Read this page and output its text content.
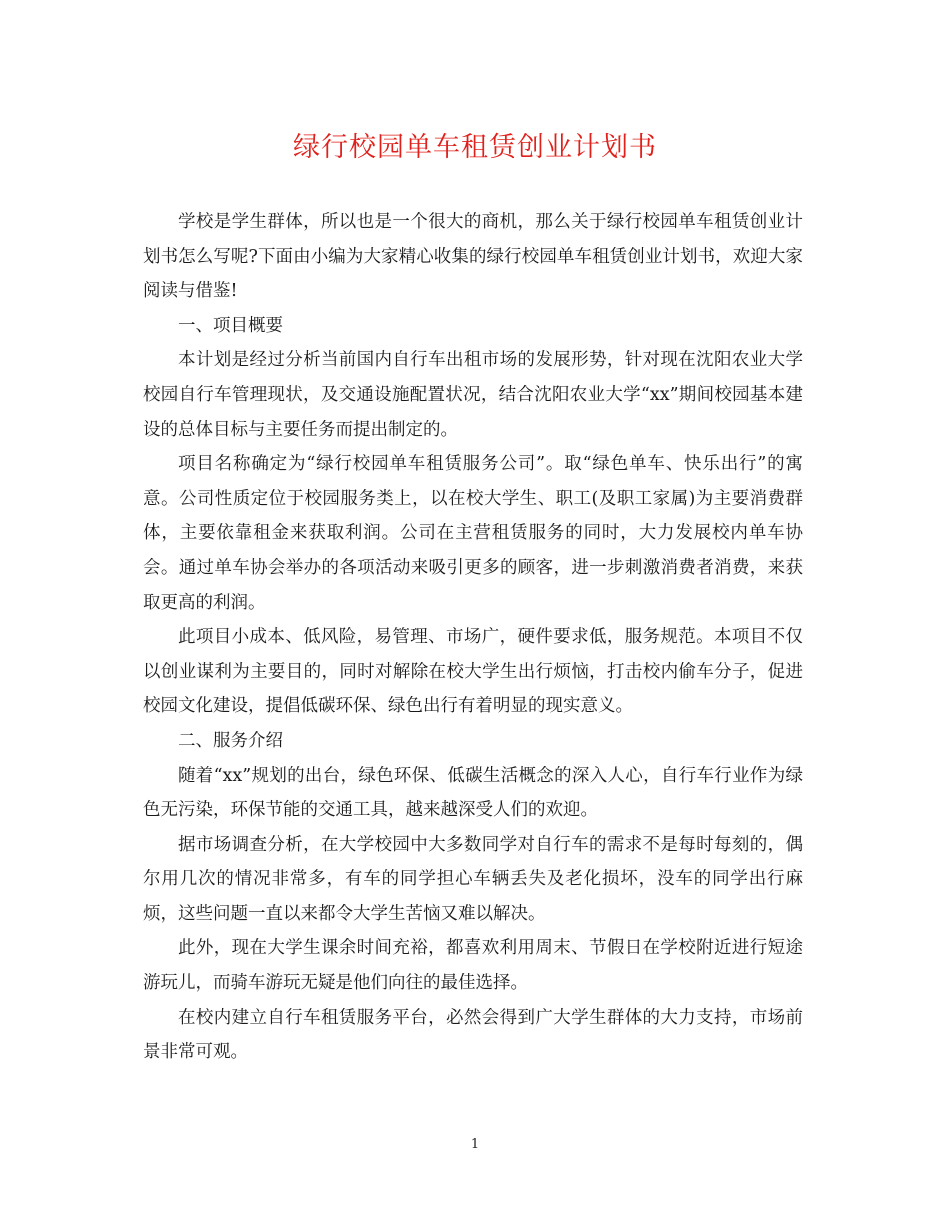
绿行校园单车租赁创业计划书

学校是学生群体，所以也是一个很大的商机，那么关于绿行校园单车租赁创业计划书怎么写呢?下面由小编为大家精心收集的绿行校园单车租赁创业计划书，欢迎大家阅读与借鉴!

一、项目概要

本计划是经过分析当前国内自行车出租市场的发展形势，针对现在沈阳农业大学校园自行车管理现状，及交通设施配置状况，结合沈阳农业大学“xx”期间校园基本建设的总体目标与主要任务而提出制定的。

项目名称确定为“绿行校园单车租赁服务公司”。取“绿色单车、快乐出行”的寓意。公司性质定位于校园服务类上，以在校大学生、职工(及职工家属)为主要消费群体，主要依靠租金来获取利润。公司在主营租赁服务的同时，大力发展校内单车协会。通过单车协会举办的各项活动来吸引更多的顾客，进一步刺激消费者消费，来获取更高的利润。

此项目小成本、低风险，易管理、市场广，硬件要求低，服务规范。本项目不仅以创业谋利为主要目的，同时对解除在校大学生出行烦恼，打击校内偷车分子，促进校园文化建设，提倡低碳环保、绿色出行有着明显的现实意义。

二、服务介绍

随着“xx”规划的出台，绿色环保、低碳生活概念的深入人心，自行车行业作为绿色无污染，环保节能的交通工具，越来越深受人们的欢迎。

据市场调查分析，在大学校园中大多数同学对自行车的需求不是每时每刻的，偶尔用几次的情况非常多，有车的同学担心车辆丢失及老化损坏，没车的同学出行麻烦，这些问题一直以来都令大学生苦恼又难以解决。

此外，现在大学生课余时间充裕，都喜欢利用周末、节假日在学校附近进行短途游玩儿，而骑车游玩无疑是他们向往的最佳选择。

在校内建立自行车租赁服务平台，必然会得到广大学生群体的大力支持，市场前景非常可观。

1
